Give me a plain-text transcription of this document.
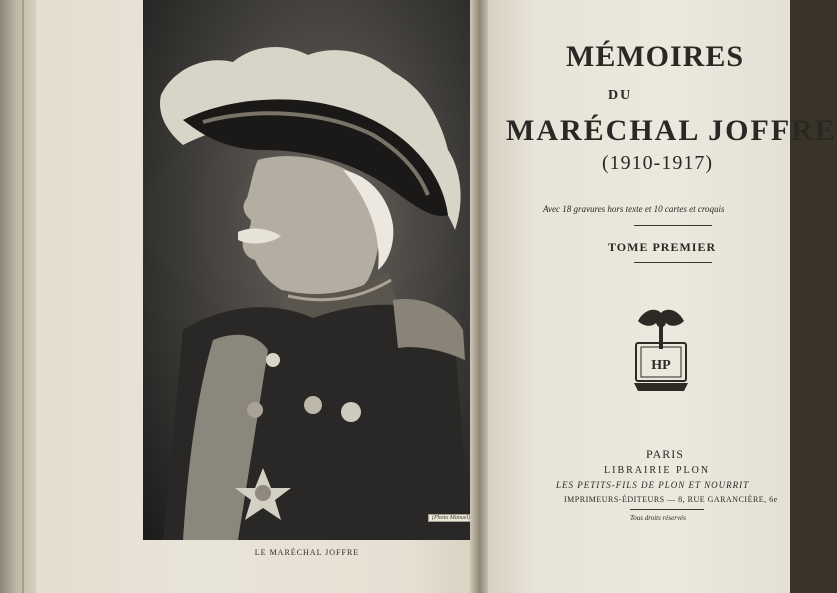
(Photo Manuel)
LE MARÉCHAL JOFFRE
MÉMOIRES
DU
MARÉCHAL JOFFRE
(1910-1917)
Avec 18 gravures hors texte et 10 cartes et croquis
TOME PREMIER
HP
PARIS
LIBRAIRIE PLON
LES PETITS-FILS DE PLON ET NOURRIT
IMPRIMEURS-ÉDITEURS — 8, RUE GARANCIÈRE, 6e
Tous droits réservés
